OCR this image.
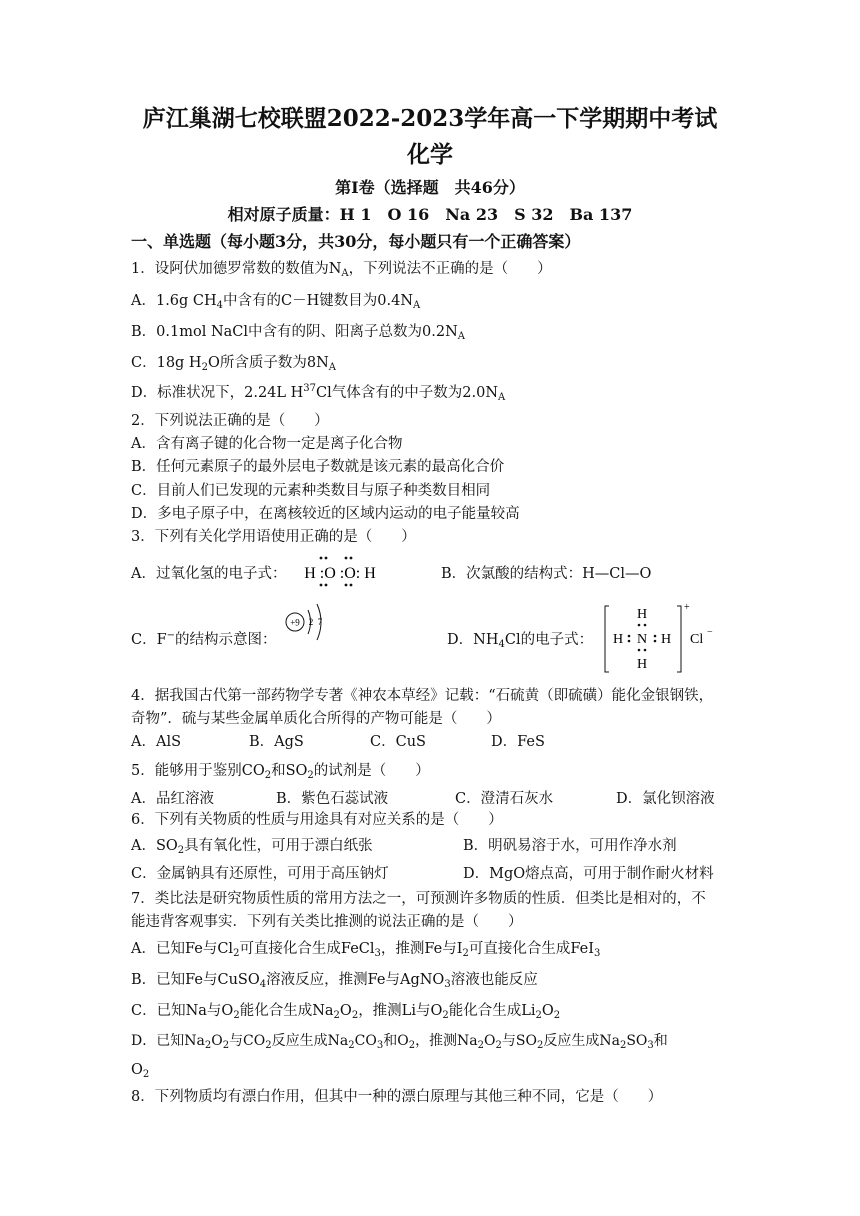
庐江巢湖七校联盟2022-2023学年高一下学期期中考试
化学
第Ⅰ卷（选择题　共46分）
相对原子质量：H 1　O 16　Na 23　S 32　Ba 137
一、单选题（每小题3分，共30分，每小题只有一个正确答案）
1．设阿伏加德罗常数的数值为$N_A$，下列说法不正确的是（　　）
A．1.6g $CH_4$中含有的C－H键数目为$0.4N_A$
B．0.1mol NaCl中含有的阴、阳离子总数为$0.2N_A$
C．18g $H_2O$所含质子数为$8N_A$
D．标准状况下，2.24L $H^{37}Cl$气体含有的中子数为$2.0N_A$
2．下列说法正确的是（　　）
A．含有离子键的化合物一定是离子化合物
B．任何元素原子的最外层电子数就是该元素的最高化合价
C．目前人们已发现的元素种类数目与原子种类数目相同
D．多电子原子中，在离核较近的区域内运动的电子能量较高
3．下列有关化学用语使用正确的是（　　）
A．过氧化氢的电子式： H :O :O: H	B．次氯酸的结构式：H—Cl—O
C．F−的结构示意图：
+9 2 7
D．$NH_4Cl$的电子式：
+
H
H N H
H
Cl −
4．据我国古代第一部药物学专著《神农本草经》记载：“石硫黄（即硫磺）能化金银钢铁，
奇物”．硫与某些金属单质化合所得的产物可能是（　　）
A．AlS	B．AgS	C．CuS	D．FeS
5．能够用于鉴别$CO_2$和$SO_2$的试剂是（　　）
A．品红溶液	B．紫色石蕊试液	C．澄清石灰水	D．氯化钡溶液
6．下列有关物质的性质与用途具有对应关系的是（　　）
A．$SO_2$具有氧化性，可用于漂白纸张	B．明矾易溶于水，可用作净水剂
C．金属钠具有还原性，可用于高压钠灯	D．MgO熔点高，可用于制作耐火材料
7．类比法是研究物质性质的常用方法之一，可预测许多物质的性质．但类比是相对的，不
能违背客观事实．下列有关类比推测的说法正确的是（　　）
A．已知Fe与$Cl_2$可直接化合生成FeCl$_3$，推测Fe与$I_2$可直接化合生成FeI$_3$
B．已知Fe与CuSO$_4$溶液反应，推测Fe与AgNO$_3$溶液也能反应
C．已知Na与$O_2$能化合生成$Na_2O_2$，推测Li与$O_2$能化合生成$Li_2O_2$
D．已知$Na_2O_2$与$CO_2$反应生成$Na_2CO_3$和$O_2$，推测$Na_2O_2$与$SO_2$反应生成$Na_2SO_3$和
$O_2$
8．下列物质均有漂白作用，但其中一种的漂白原理与其他三种不同，它是（　　）
